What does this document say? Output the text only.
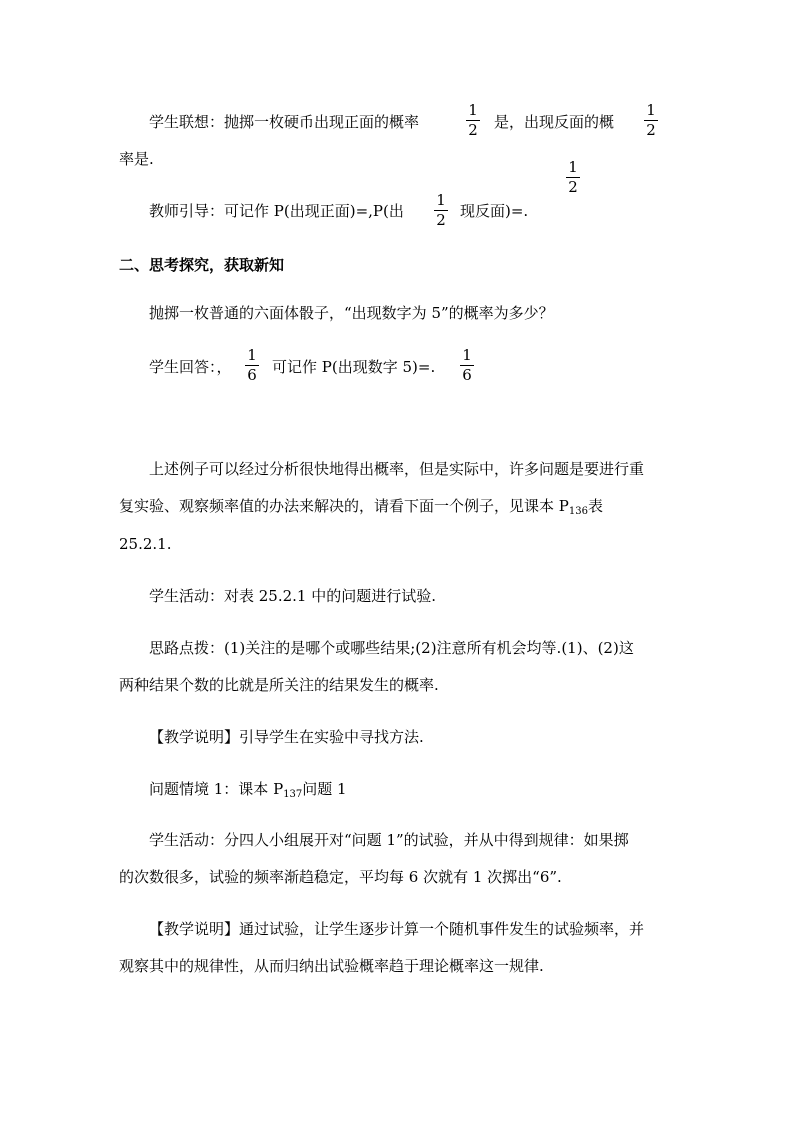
学生联想：抛掷一枚硬币出现正面的概率
1
2 是，出现反面的概
1
2
率是.	1
2
教师引导：可记作 P(出现正面)=,P(出
1
2 现反面)=.
二、思考探究，获取新知
抛掷一枚普通的六面体骰子，“出现数字为 5”的概率为多少？
学生回答：，
1
6 可记作 P(出现数字 5)=.
1
6
上述例子可以经过分析很快地得出概率，但是实际中，许多问题是要进行重
复实验、观察频率值的办法来解决的，请看下面一个例子，见课本 $P_{136}$表
25.2.1.
学生活动：对表 25.2.1 中的问题进行试验.
思路点拨：(1)关注的是哪个或哪些结果;(2)注意所有机会均等.(1)、(2)这
两种结果个数的比就是所关注的结果发生的概率.
【教学说明】引导学生在实验中寻找方法.
问题情境 1：课本 $P_{137}$问题 1
学生活动：分四人小组展开对“问题 1”的试验，并从中得到规律：如果掷
的次数很多，试验的频率渐趋稳定，平均每 6 次就有 1 次掷出“6”.
【教学说明】通过试验，让学生逐步计算一个随机事件发生的试验频率，并
观察其中的规律性，从而归纳出试验概率趋于理论概率这一规律.
